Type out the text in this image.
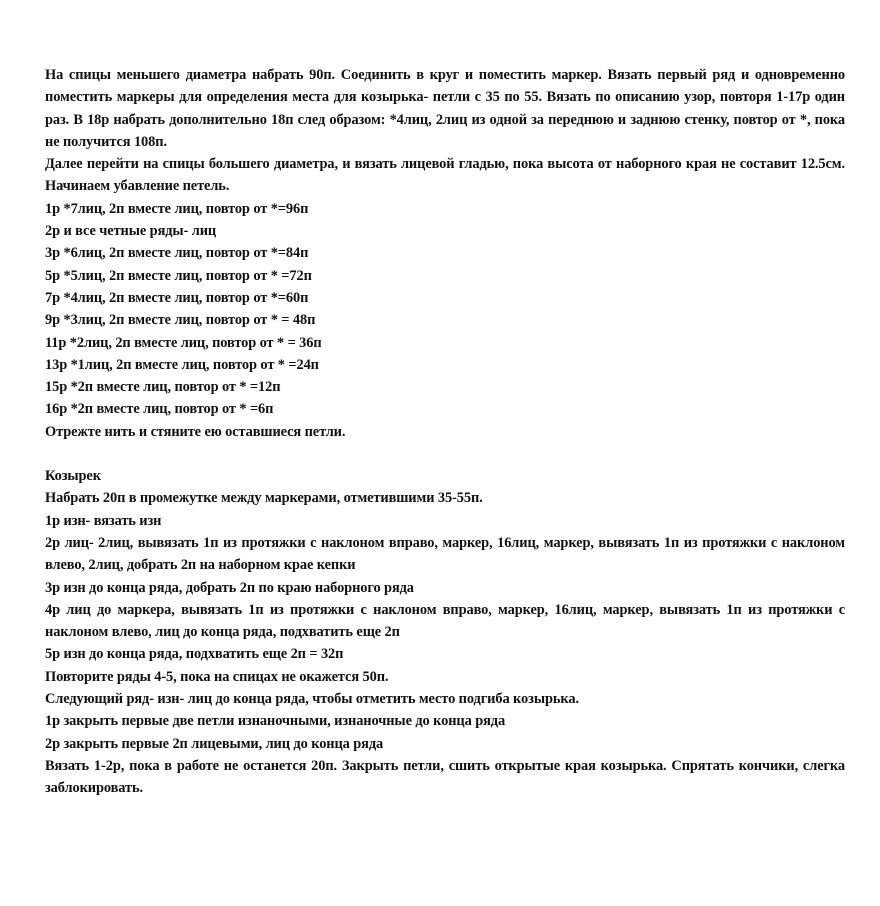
На спицы меньшего диаметра набрать 90п. Соединить в круг и поместить маркер. Вязать первый ряд и одновременно поместить маркеры для определения места для козырька- петли с 35 по 55. Вязать по описанию узор, повторя 1-17р один раз. В 18р набрать дополнительно 18п след образом: *4лиц, 2лиц из одной за переднюю и заднюю стенку, повтор от *, пока не получится 108п.

Далее перейти на спицы большего диаметра, и вязать лицевой гладью, пока высота от наборного края не составит 12.5см. Начинаем убавление петель.

1р *7лиц, 2п вместе лиц, повтор от *=96п
2р и все четные ряды- лиц
3р *6лиц, 2п вместе лиц, повтор от *=84п
5р *5лиц, 2п вместе лиц, повтор от * =72п
7р *4лиц, 2п вместе лиц, повтор от *=60п
9р *3лиц, 2п вместе лиц, повтор от * = 48п
11р *2лиц, 2п вместе лиц, повтор от * = 36п
13р *1лиц, 2п вместе лиц, повтор от * =24п
15р *2п вместе лиц, повтор от * =12п
16р *2п вместе лиц, повтор от * =6п
Отрежте нить и стяните ею оставшиеся петли.
Козырек
Набрать 20п в промежутке между маркерами, отметившими 35-55п.
1р изн- вязать изн

2р лиц- 2лиц, вывязать 1п из протяжки с наклоном вправо, маркер, 16лиц, маркер, вывязать 1п из протяжки с наклоном влево, 2лиц, добрать 2п на наборном крае кепки

3р изн до конца ряда, добрать 2п по краю наборного ряда

4р лиц до маркера, вывязать 1п из протяжки с наклоном вправо, маркер, 16лиц, маркер, вывязать 1п из протяжки с наклоном влево, лиц до конца ряда, подхватить еще 2п

5р изн до конца ряда, подхватить еще 2п = 32п
Повторите ряды 4-5, пока на спицах не окажется 50п.
Следующий ряд- изн- лиц до конца ряда, чтобы отметить место подгиба козырька.
1р закрыть первые две петли изнаночными, изнаночные до конца ряда
2р закрыть первые 2п лицевыми, лиц до конца ряда

Вязать 1-2р, пока в работе не останется 20п. Закрыть петли, сшить открытые края козырька. Спрятать кончики, слегка заблокировать.
